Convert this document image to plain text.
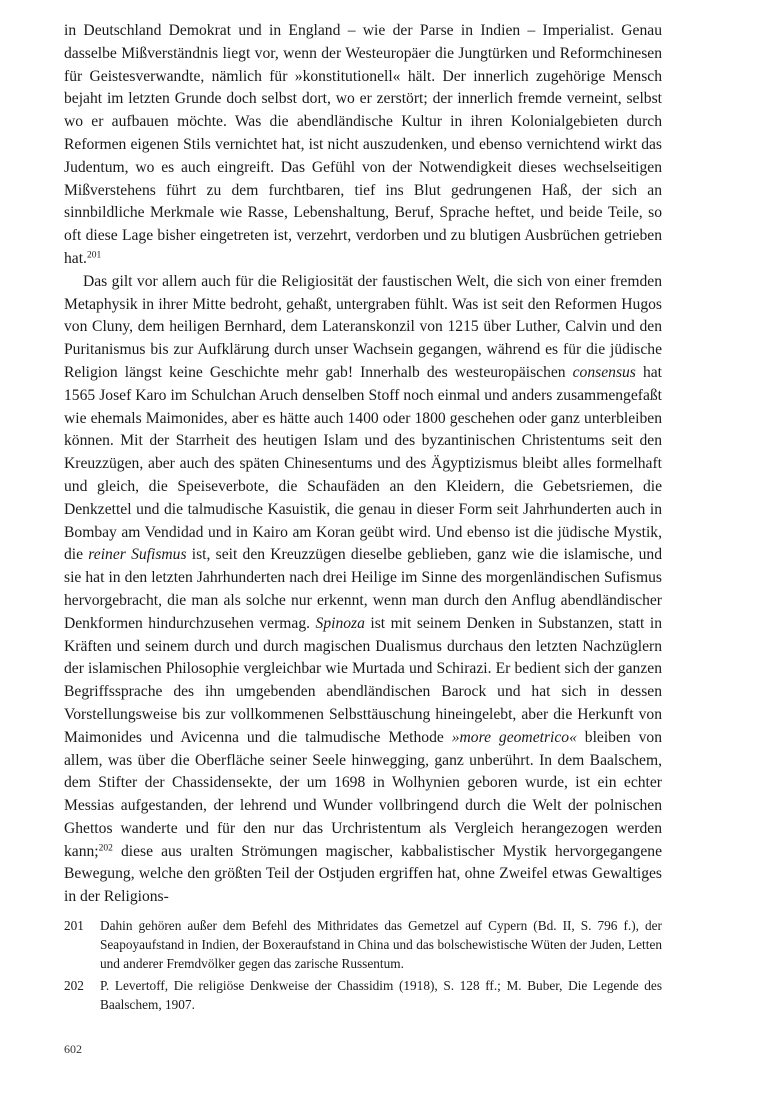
in Deutschland Demokrat und in England – wie der Parse in Indien – Imperialist. Genau dasselbe Mißverständnis liegt vor, wenn der Westeuropäer die Jungtürken und Reformchinesen für Geistesverwandte, nämlich für »konstitutionell« hält. Der innerlich zugehörige Mensch bejaht im letzten Grunde doch selbst dort, wo er zerstört; der innerlich fremde verneint, selbst wo er aufbauen möchte. Was die abendländische Kultur in ihren Kolonialgebieten durch Reformen eigenen Stils vernichtet hat, ist nicht auszudenken, und ebenso vernichtend wirkt das Judentum, wo es auch eingreift. Das Gefühl von der Notwendigkeit dieses wechselseitigen Mißverstehens führt zu dem furchtbaren, tief ins Blut gedrungenen Haß, der sich an sinnbildliche Merkmale wie Rasse, Lebenshaltung, Beruf, Sprache heftet, und beide Teile, so oft diese Lage bisher eingetreten ist, verzehrt, verdorben und zu blutigen Ausbrüchen getrieben hat.$^{201}$

Das gilt vor allem auch für die Religiosität der faustischen Welt, die sich von einer fremden Metaphysik in ihrer Mitte bedroht, gehaßt, untergraben fühlt. Was ist seit den Reformen Hugos von Cluny, dem heiligen Bernhard, dem Lateranskonzil von 1215 über Luther, Calvin und den Puritanismus bis zur Aufklärung durch unser Wachsein gegangen, während es für die jüdische Religion längst keine Geschichte mehr gab! Innerhalb des westeuropäischen consensus hat 1565 Josef Karo im Schulchan Aruch denselben Stoff noch einmal und anders zusammengefaßt wie ehemals Maimonides, aber es hätte auch 1400 oder 1800 geschehen oder ganz unterbleiben können. Mit der Starrheit des heutigen Islam und des byzantinischen Christentums seit den Kreuzzügen, aber auch des späten Chinesentums und des Ägyptizismus bleibt alles formelhaft und gleich, die Speiseverbote, die Schaufäden an den Kleidern, die Gebetsriemen, die Denkzettel und die talmudische Kasuistik, die genau in dieser Form seit Jahrhunderten auch in Bombay am Vendidad und in Kairo am Koran geübt wird. Und ebenso ist die jüdische Mystik, die reiner Sufismus ist, seit den Kreuzzügen dieselbe geblieben, ganz wie die islamische, und sie hat in den letzten Jahrhunderten nach drei Heilige im Sinne des morgenländischen Sufismus hervorgebracht, die man als solche nur erkennt, wenn man durch den Anflug abendländischer Denkformen hindurchzusehen vermag. Spinoza ist mit seinem Denken in Substanzen, statt in Kräften und seinem durch und durch magischen Dualismus durchaus den letzten Nachzüglern der islamischen Philosophie vergleichbar wie Murtada und Schirazi. Er bedient sich der ganzen Begriffssprache des ihn umgebenden abendländischen Barock und hat sich in dessen Vorstellungsweise bis zur vollkommenen Selbsttäuschung hineingelebt, aber die Herkunft von Maimonides und Avicenna und die talmudische Methode »more geometrico« bleiben von allem, was über die Oberfläche seiner Seele hinwegging, ganz unberührt. In dem Baalschem, dem Stifter der Chassidensekte, der um 1698 in Wolhynien geboren wurde, ist ein echter Messias aufgestanden, der lehrend und Wunder vollbringend durch die Welt der polnischen Ghettos wanderte und für den nur das Urchristentum als Vergleich herangezogen werden kann;$^{202}$ diese aus uralten Strömungen magischer, kabbalistischer Mystik hervorgegangene Bewegung, welche den größten Teil der Ostjuden ergriffen hat, ohne Zweifel etwas Gewaltiges in der Religions-

201	Dahin gehören außer dem Befehl des Mithridates das Gemetzel auf Cypern (Bd. II, S. 796 f.), der Seapoyaufstand in Indien, der Boxeraufstand in China und das bolschewistische Wüten der Juden, Letten und anderer Fremdvölker gegen das zarische Russentum.
202	P. Levertoff, Die religiöse Denkweise der Chassidim (1918), S. 128 ff.; M. Buber, Die Legende des Baalschem, 1907.
602
